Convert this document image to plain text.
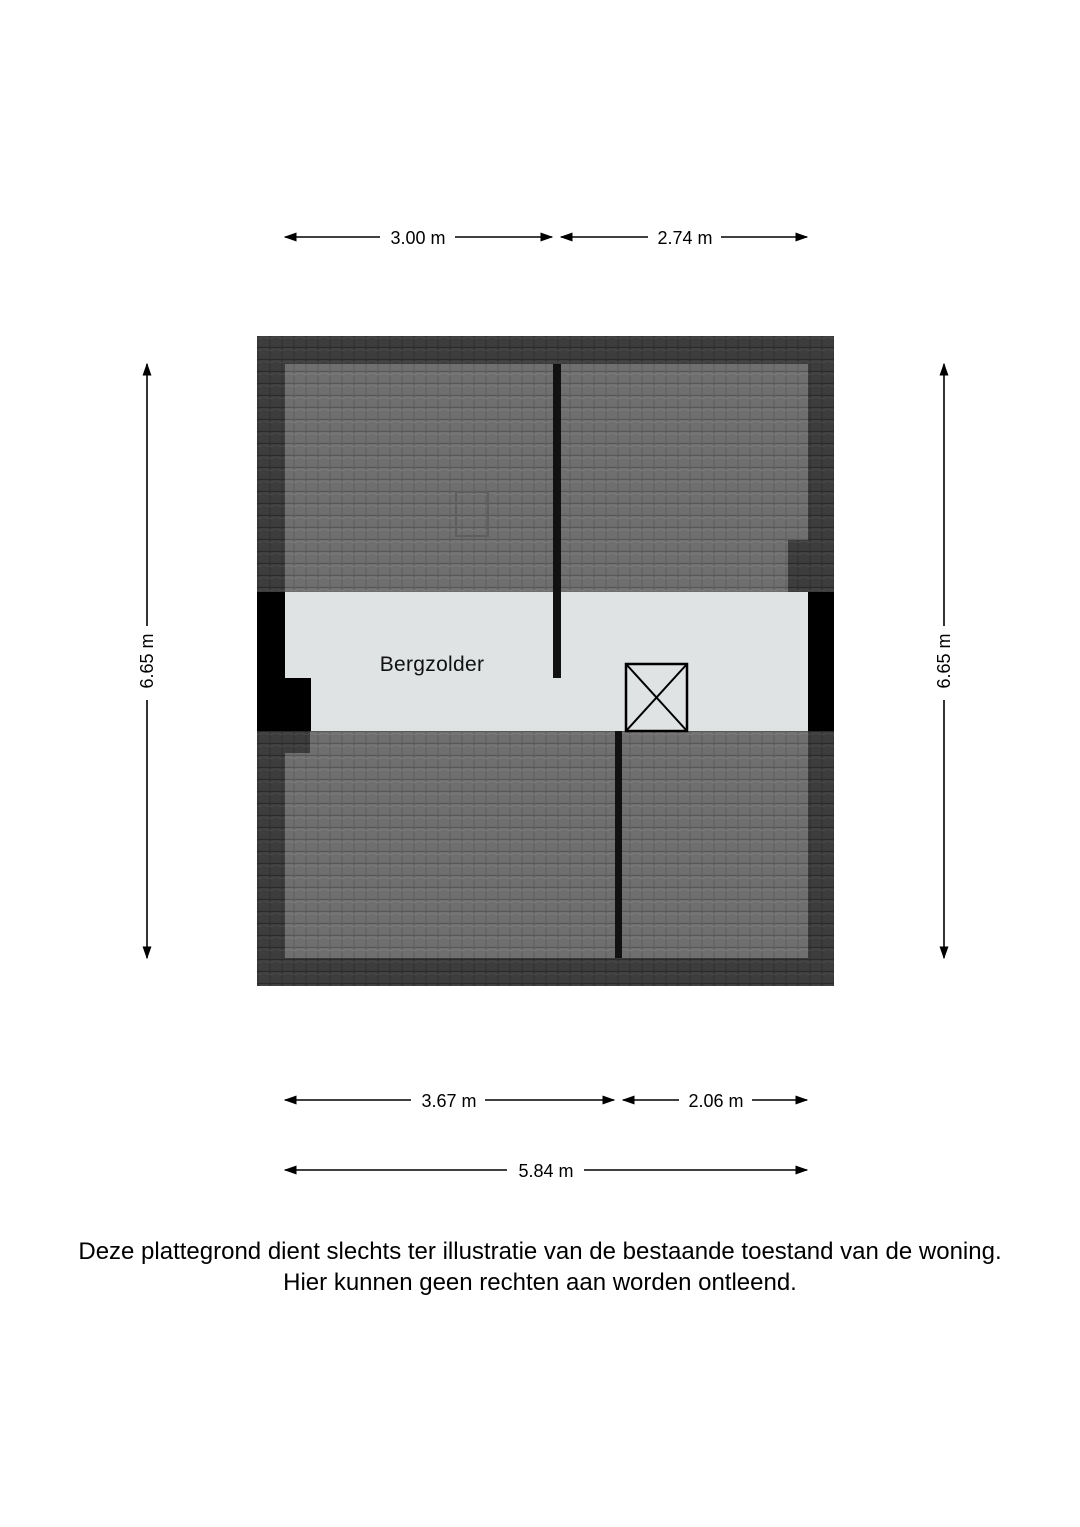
3.00 m	2.74 m
6.65 m	6.65 m
Bergzolder
3.67 m	2.06 m
5.84 m
Deze plattegrond dient slechts ter illustratie van de bestaande toestand van de woning.
Hier kunnen geen rechten aan worden ontleend.
